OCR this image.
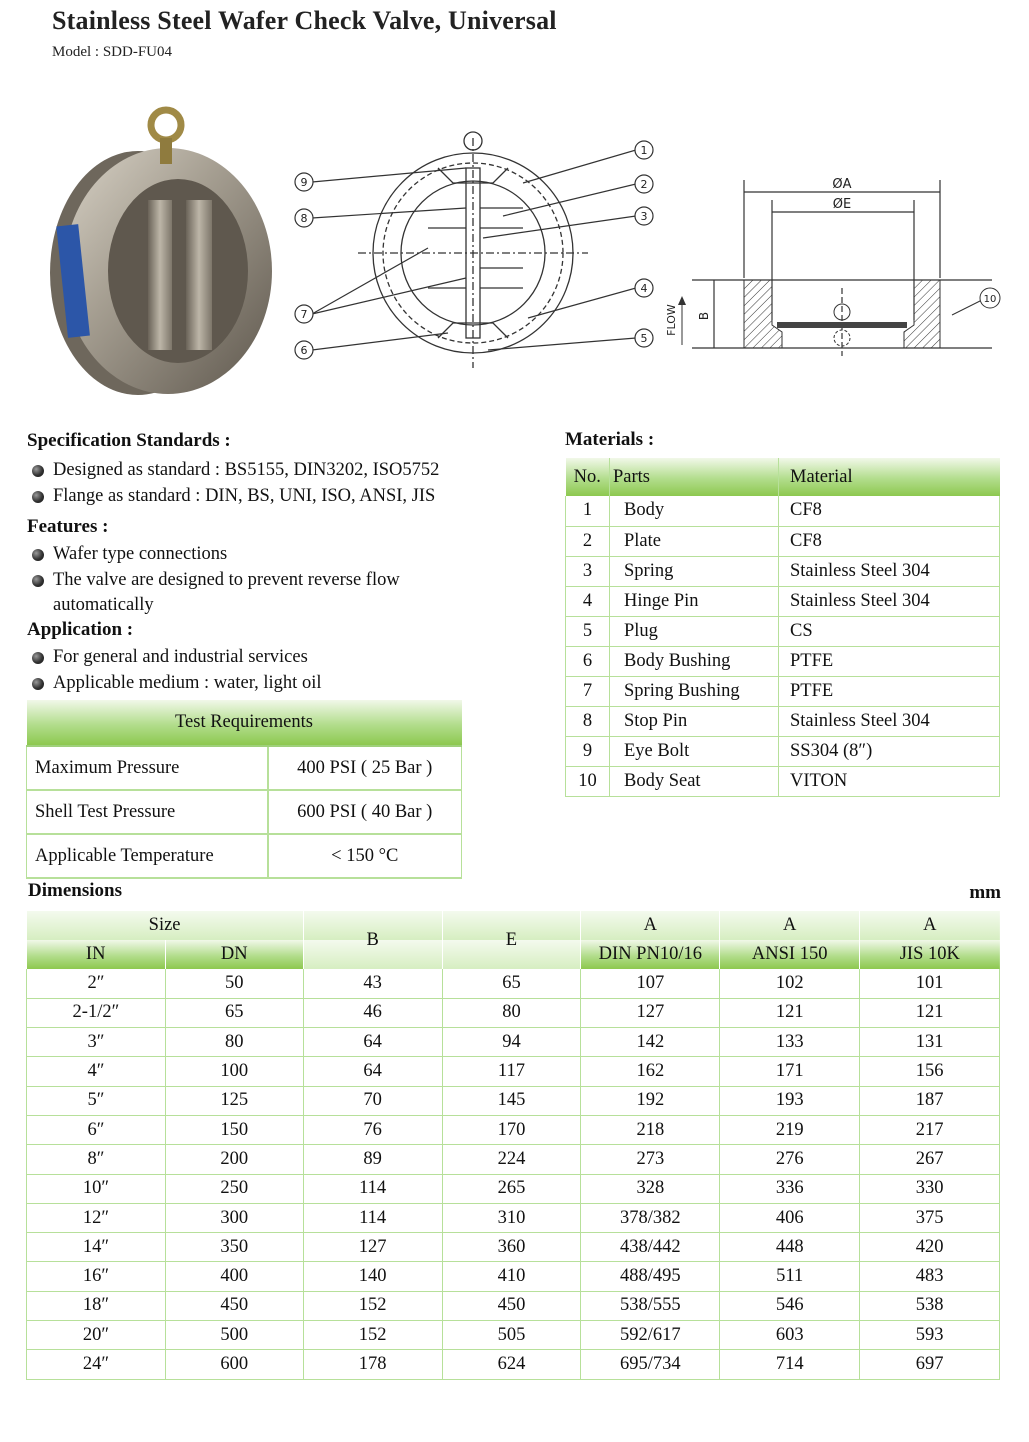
Stainless Steel Wafer Check Valve, Universal
Model : SDD-FU04
1
2
3
4
5
6
7
8
9
10
ØA
ØE
B
FLOW
Specification Standards :
Designed as standard : BS5155, DIN3202, ISO5752
Flange as standard : DIN, BS, UNI, ISO, ANSI, JIS
Features :
Wafer type connections
The valve are designed to prevent reverse flow automatically
Application :
For general and industrial services
Applicable medium : water, light oil
Test Requirements	
Maximum Pressure	400 PSI ( 25 Bar )
Shell Test Pressure	600 PSI ( 40 Bar )
Applicable Temperature	< 150 °C
Materials :
No.	Parts	Material
1	Body	CF8
2	Plate	CF8
3	Spring	Stainless Steel 304
4	Hinge Pin	Stainless Steel 304
5	Plug	CS
6	Body Bushing	PTFE
7	Spring Bushing	PTFE
8	Stop Pin	Stainless Steel 304
9	Eye Bolt	SS304 (8″)
10	Body Seat	VITON
Dimensions	mm
Size		B	E	A	A	A
IN	DN			DIN PN10/16	ANSI 150	JIS 10K
2″	50	43	65	107	102	101
2-1/2″	65	46	80	127	121	121
3″	80	64	94	142	133	131
4″	100	64	117	162	171	156
5″	125	70	145	192	193	187
6″	150	76	170	218	219	217
8″	200	89	224	273	276	267
10″	250	114	265	328	336	330
12″	300	114	310	378/382	406	375
14″	350	127	360	438/442	448	420
16″	400	140	410	488/495	511	483
18″	450	152	450	538/555	546	538
20″	500	152	505	592/617	603	593
24″	600	178	624	695/734	714	697
